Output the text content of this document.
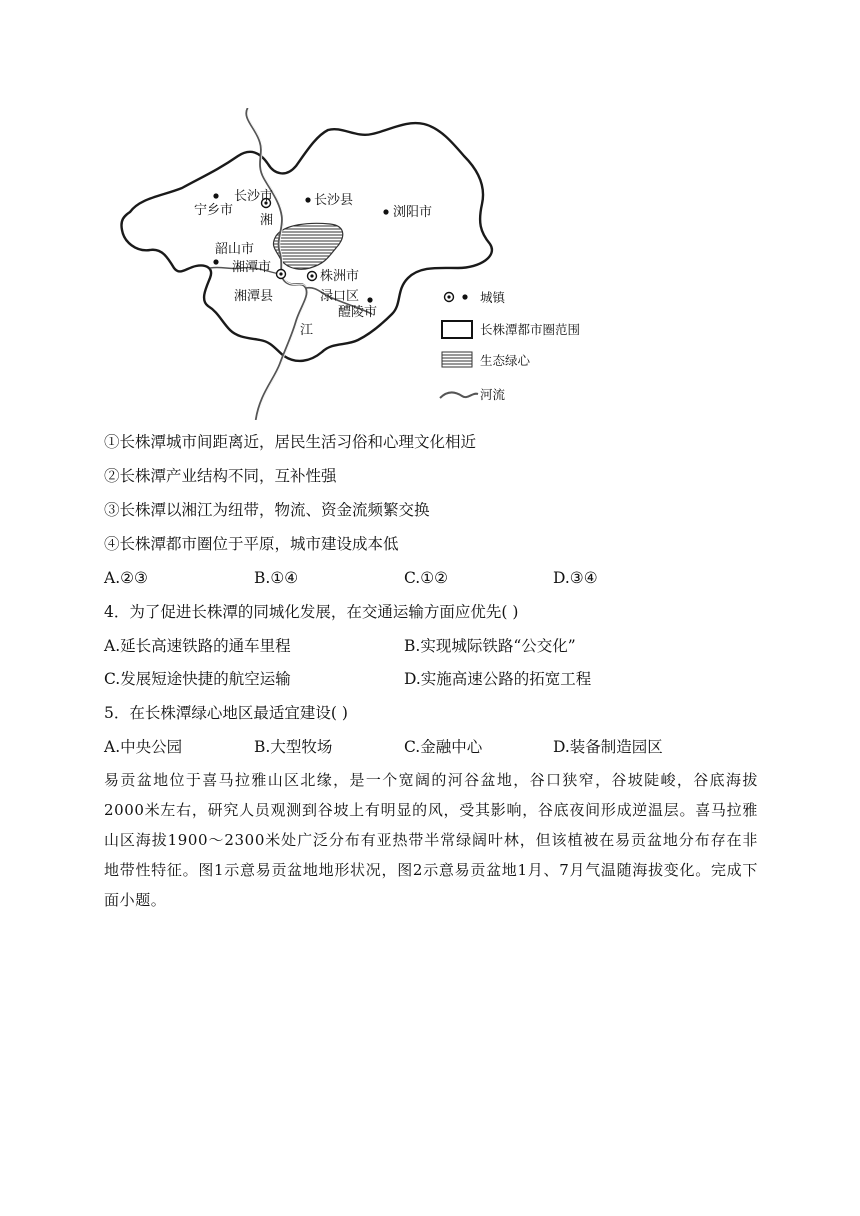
长沙市
宁乡市
长沙县
浏阳市
湘
韶山市
湘潭市
株洲市
湘潭县	渌口区
醴陵市
江
城镇
长株潭都市圈范围
生态绿心
河流
①长株潭城市间距离近，居民生活习俗和心理文化相近
②长株潭产业结构不同，互补性强
③长株潭以湘江为纽带，物流、资金流频繁交换
④长株潭都市圈位于平原，城市建设成本低
A.②③	B.①④	C.①②	D.③④
4．为了促进长株潭的同城化发展，在交通运输方面应优先( )
A.延长高速铁路的通车里程	B.实现城际铁路“公交化”
C.发展短途快捷的航空运输	D.实施高速公路的拓宽工程
5．在长株潭绿心地区最适宜建设( )
A.中央公园	B.大型牧场	C.金融中心	D.装备制造园区
易贡盆地位于喜马拉雅山区北缘，是一个宽阔的河谷盆地，谷口狭窄，谷坡陡峻，谷底海拔2000米左右，研究人员观测到谷坡上有明显的风，受其影响，谷底夜间形成逆温层。喜马拉雅山区海拔1900～2300米处广泛分布有亚热带半常绿阔叶林，但该植被在易贡盆地分布存在非地带性特征。图1示意易贡盆地地形状况，图2示意易贡盆地1月、7月气温随海拔变化。完成下面小题。
